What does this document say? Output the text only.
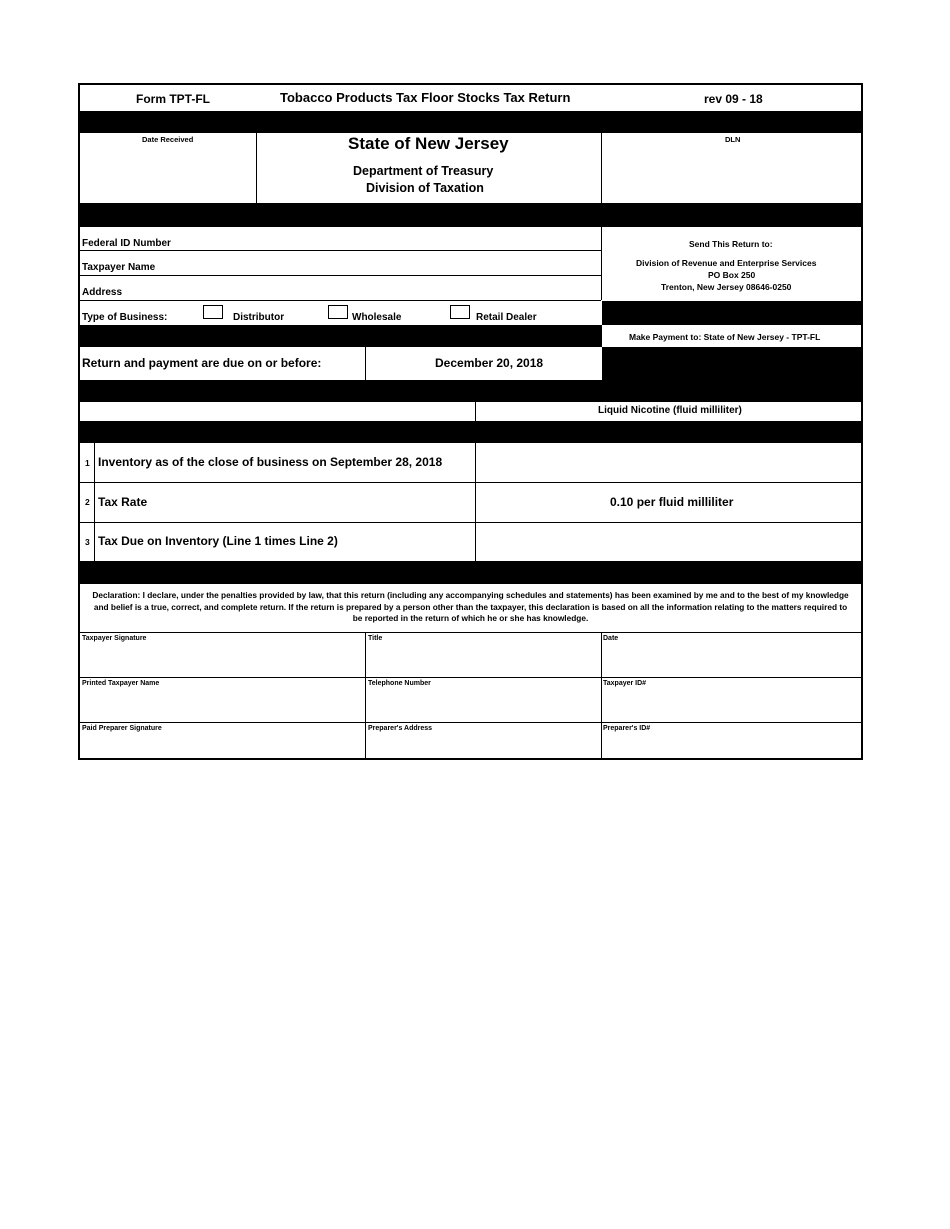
Form TPT-FL	Tobacco Products Tax Floor Stocks Tax Return	rev 09 - 18
Date Received	State of New Jersey
Department of Treasury
Division of Taxation
DLN
Federal ID Number
Taxpayer Name
Address
Send This Return to:
Division of Revenue and Enterprise Services
PO Box 250
Trenton, New Jersey 08646-0250
Type of Business:	Distributor	Wholesale	Retail Dealer
Make Payment to: State of New Jersey - TPT-FL
Return and payment are due on or before:	December 20, 2018
Liquid Nicotine (fluid milliliter)
1 Inventory as of the close of business on September 28, 2018
2 Tax Rate	0.10 per fluid milliliter
3 Tax Due on Inventory (Line 1 times Line 2)
Declaration: I declare, under the penalties provided by law, that this return (including any accompanying schedules and statements) has been examined by me and to the best of my knowledge and belief is a true, correct, and complete return. If the return is prepared by a person other than the taxpayer, this declaration is based on all the information relating to the matters required to be reported in the return of which he or she has knowledge.
Taxpayer Signature	Title	Date
Printed Taxpayer Name	Telephone Number	Taxpayer ID#
Paid Preparer Signature	Preparer's Address	Preparer's ID#
